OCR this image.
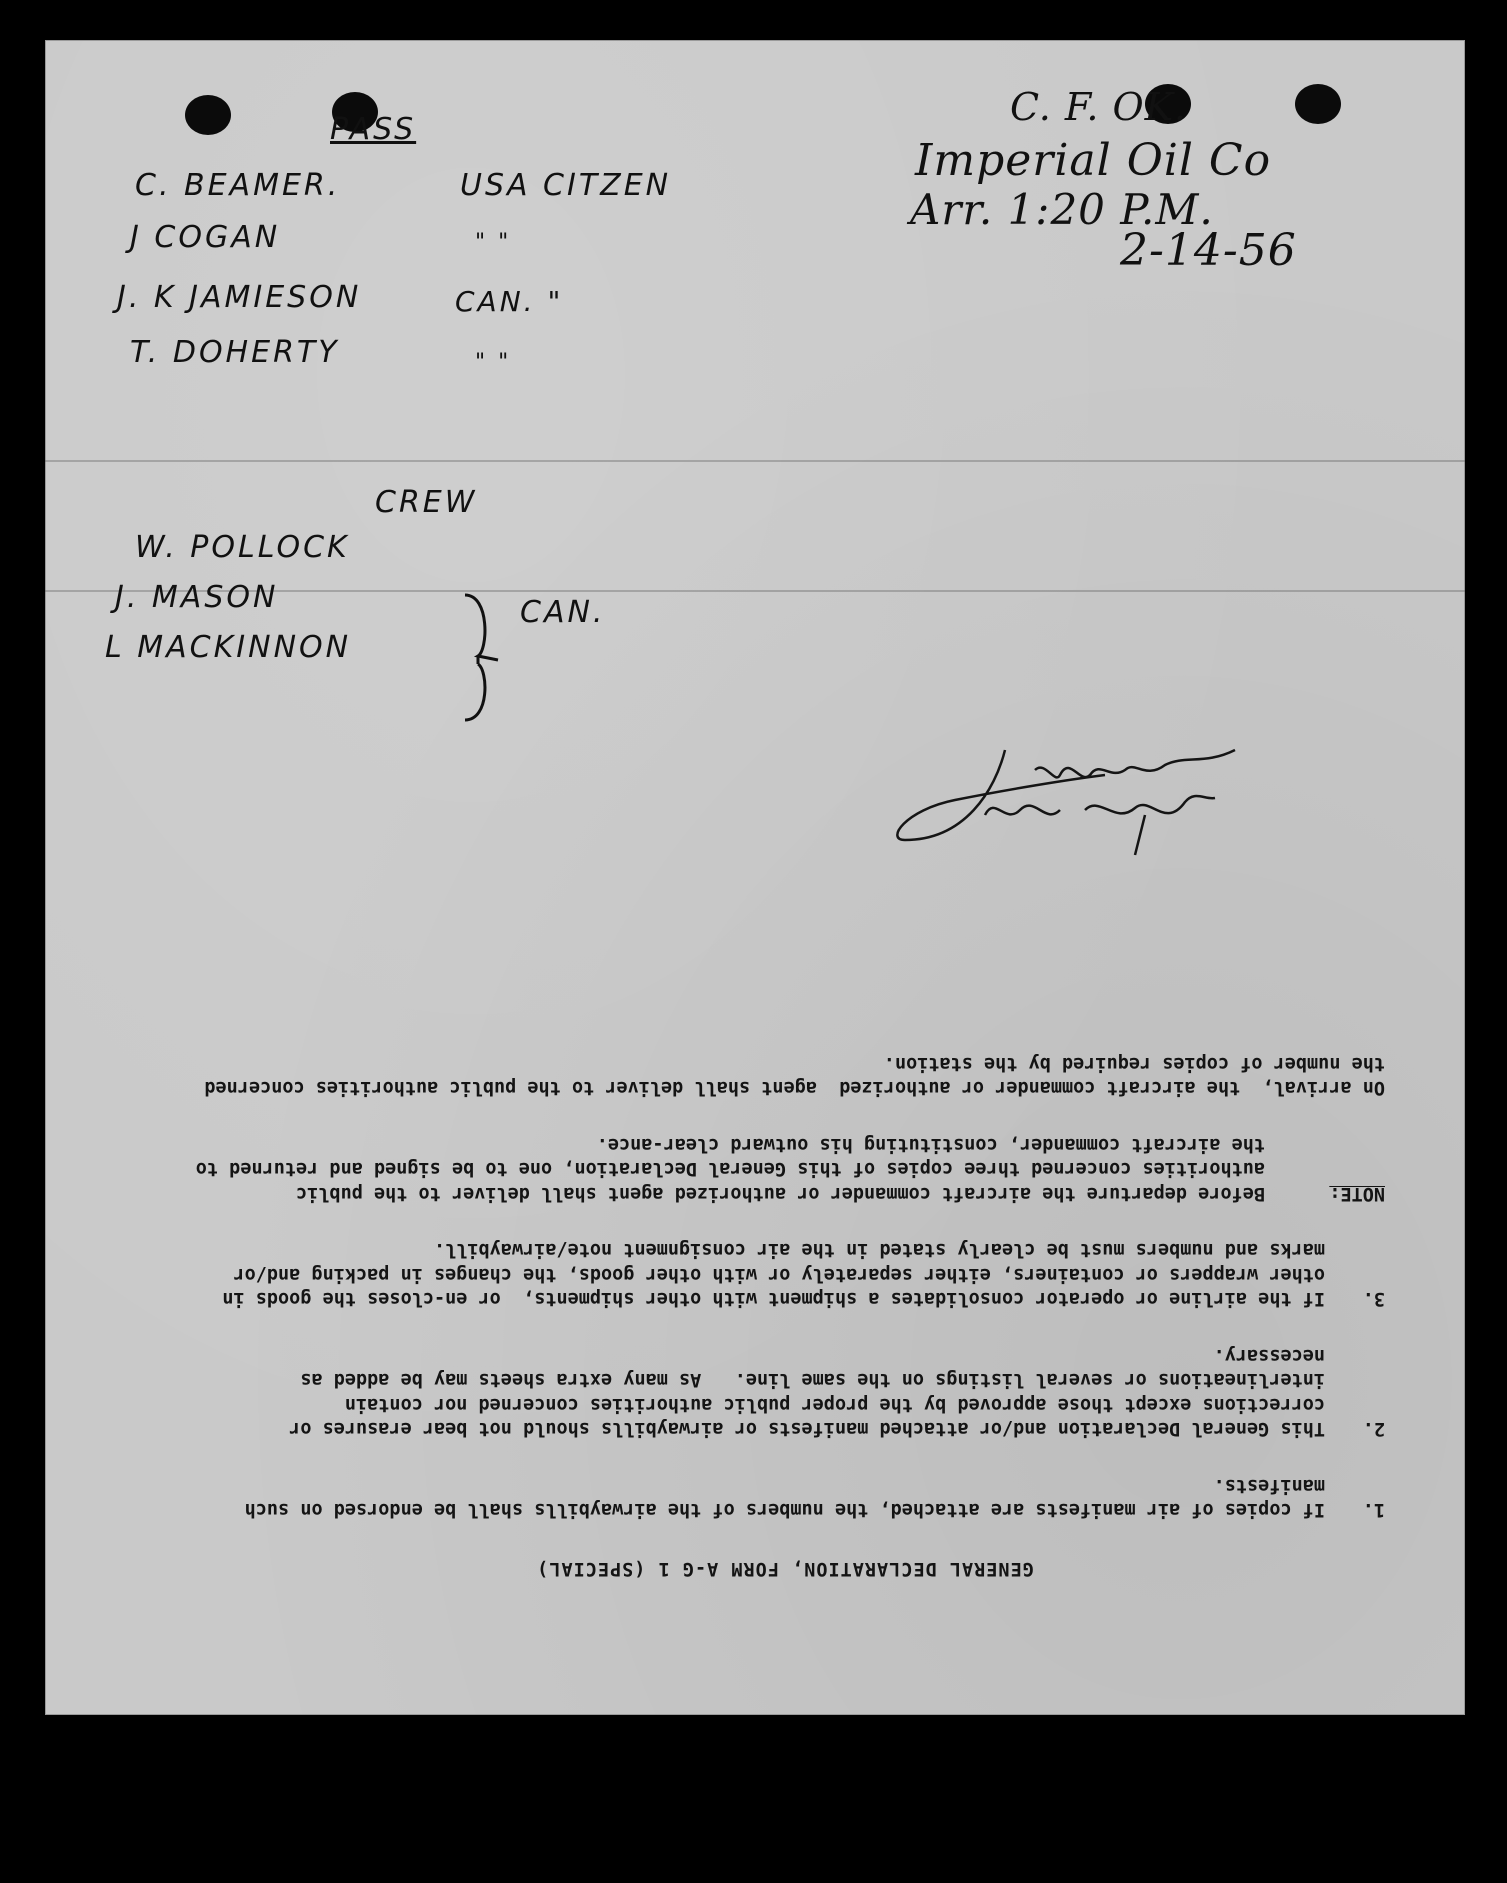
PASS
C. BEAMER.	USA CITZEN
J COGAN	" "
J. K JAMIESON	CAN. "
T. DOHERTY	" "
CREW
W. POLLOCK
J. MASON
L MACKINNON
CAN.
C. F. OK.
Imperial Oil Co
Arr. 1:20 P.M.
2-14-56
GENERAL DECLARATION, FORM A-G 1 (SPECIAL)
1.
If copies of air manifests are attached, the numbers of the airwaybills shall be endorsed on such manifests.
2.
This General Declaration and/or attached manifests or airwaybills should not bear erasures or corrections except those approved by the proper public authorities concerned nor contain interlineations or several listings on the same line.   As many extra sheets may be added as necessary.
3.
If the airline or operator consolidates a shipment with other shipments,  or en-closes the goods in other wrappers or containers, either separately or with other goods, the changes in packing and/or marks and numbers must be clearly stated in the air consignment note/airwaybill.
NOTE:
Before departure the aircraft commander or authorized agent shall deliver to the public authorities concerned three copies of this General Declaration, one to be signed and returned to the aircraft commander, constituting his outward clear-ance.
On arrival,  the aircraft commander or authorized  agent shall deliver to the public authorities concerned the number of copies required by the station.
